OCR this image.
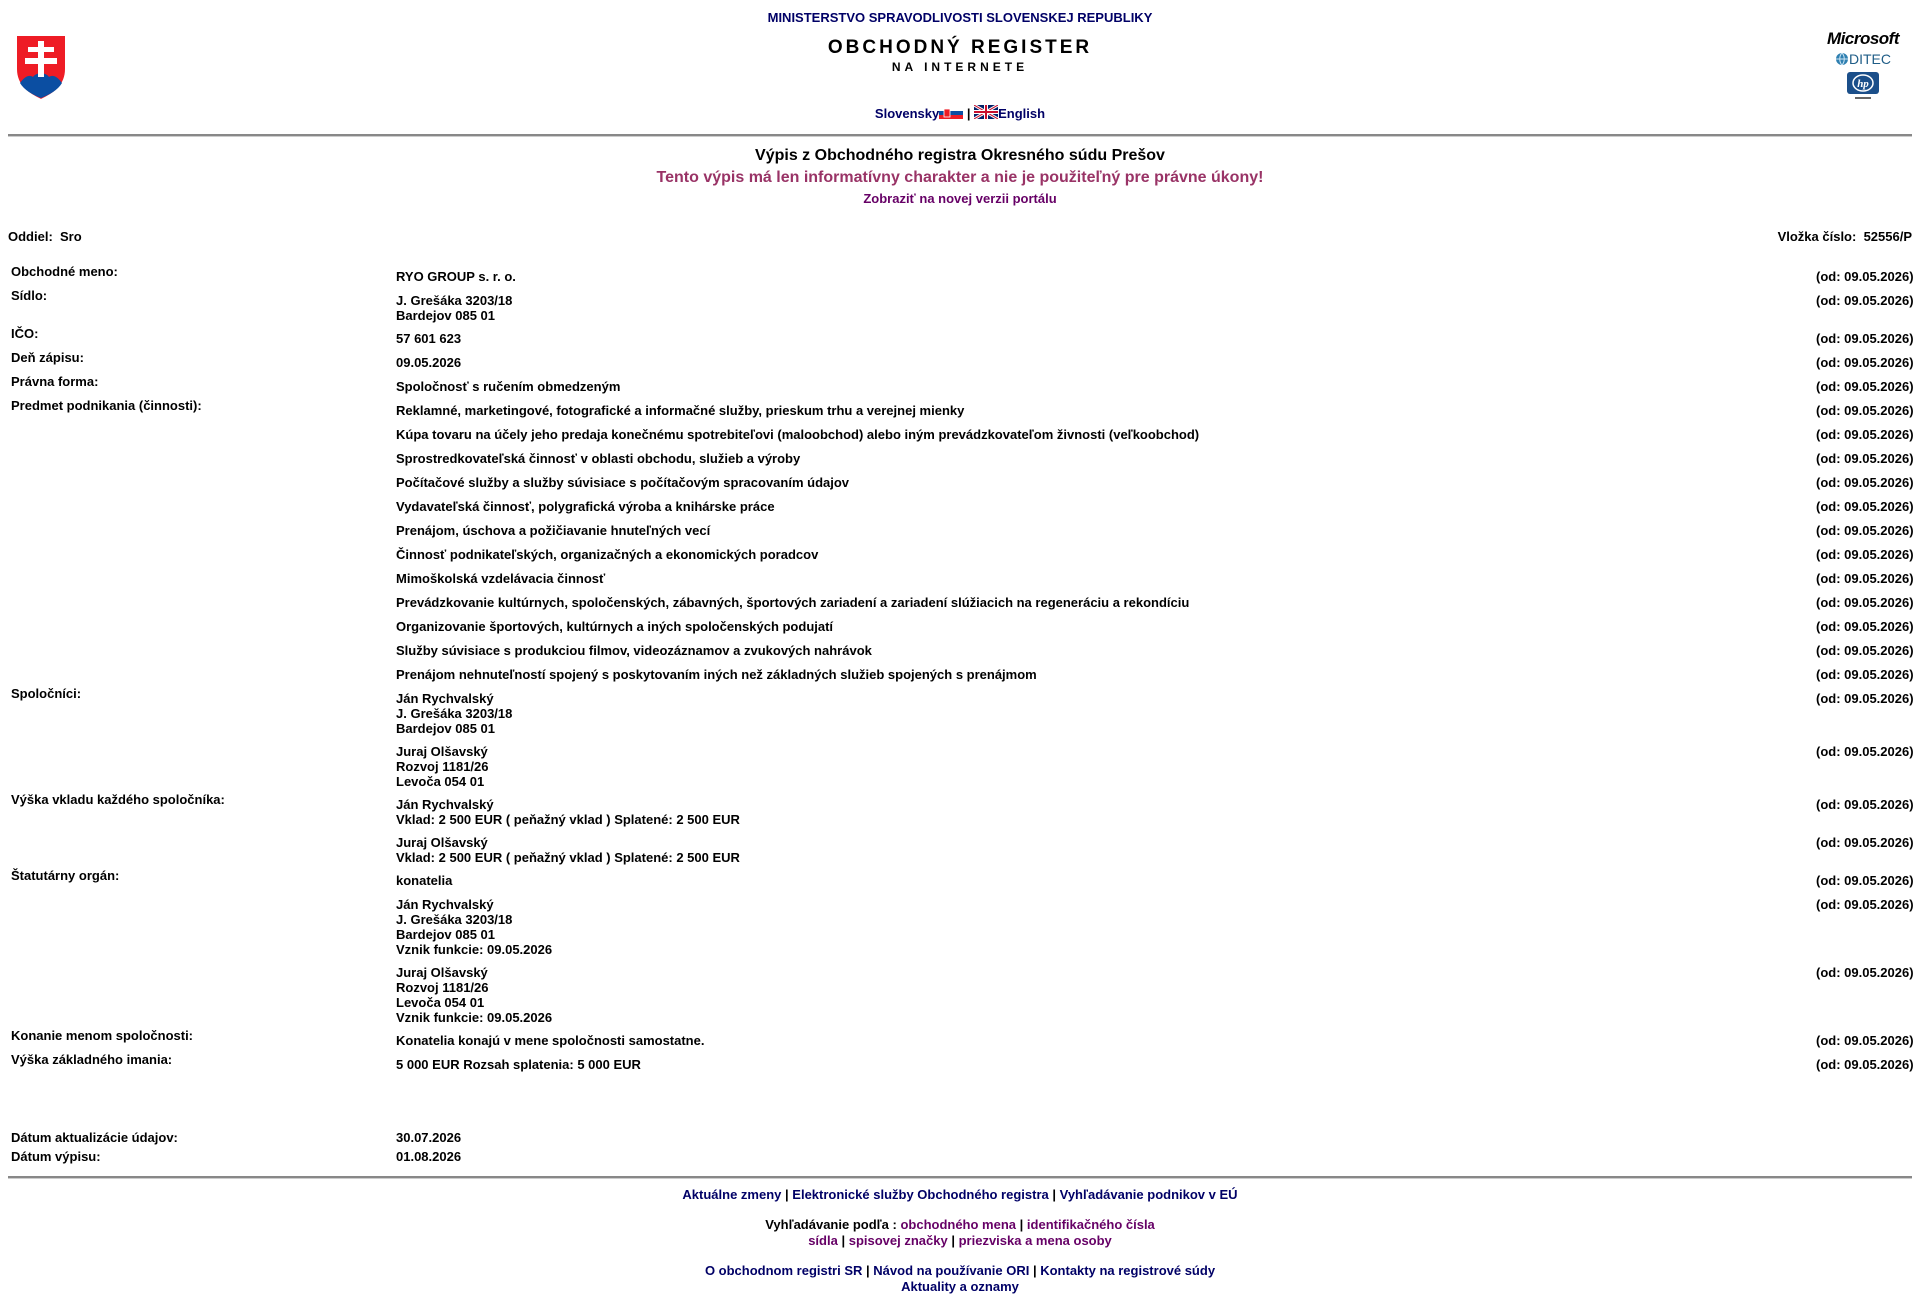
MINISTERSTVO SPRAVODLIVOSTI SLOVENSKEJ REPUBLIKY
OBCHODNÝ REGISTER
NA INTERNETE
Slovensky | English
Microsoft
DITEC
hp
Výpis z Obchodného registra Okresného súdu Prešov
Tento výpis má len informatívny charakter a nie je použiteľný pre právne úkony!
Zobraziť na novej verzii portálu
Oddiel: Sro	Vložka číslo: 52556/P
Obchodné meno:	RYO GROUP s. r. o.	(od: 09.05.2026)
Sídlo:	J. Grešáka 3203/18
Bardejov 085 01
(od: 09.05.2026)
IČO:	57 601 623	(od: 09.05.2026)
Deň zápisu:	09.05.2026	(od: 09.05.2026)
Právna forma:	Spoločnosť s ručením obmedzeným	(od: 09.05.2026)
Predmet podnikania (činnosti):	Reklamné, marketingové, fotografické a informačné služby, prieskum trhu a verejnej mienky	(od: 09.05.2026)
Kúpa tovaru na účely jeho predaja konečnému spotrebiteľovi (maloobchod) alebo iným prevádzkovateľom živnosti (veľkoobchod)	(od: 09.05.2026)
Sprostredkovateľská činnosť v oblasti obchodu, služieb a výroby	(od: 09.05.2026)
Počítačové služby a služby súvisiace s počítačovým spracovaním údajov	(od: 09.05.2026)
Vydavateľská činnosť, polygrafická výroba a knihárske práce	(od: 09.05.2026)
Prenájom, úschova a požičiavanie hnuteľných vecí	(od: 09.05.2026)
Činnosť podnikateľských, organizačných a ekonomických poradcov	(od: 09.05.2026)
Mimoškolská vzdelávacia činnosť	(od: 09.05.2026)
Prevádzkovanie kultúrnych, spoločenských, zábavných, športových zariadení a zariadení slúžiacich na regeneráciu a rekondíciu	(od: 09.05.2026)
Organizovanie športových, kultúrnych a iných spoločenských podujatí	(od: 09.05.2026)
Služby súvisiace s produkciou filmov, videozáznamov a zvukových nahrávok	(od: 09.05.2026)
Prenájom nehnuteľností spojený s poskytovaním iných než základných služieb spojených s prenájmom	(od: 09.05.2026)
Spoločníci:	Ján Rychvalský
J. Grešáka 3203/18
Bardejov 085 01
(od: 09.05.2026)
Juraj Olšavský
Rozvoj 1181/26
Levoča 054 01
(od: 09.05.2026)
Výška vkladu každého spoločníka:	Ján Rychvalský
Vklad: 2 500 EUR ( peňažný vklad ) Splatené: 2 500 EUR
(od: 09.05.2026)
Juraj Olšavský
Vklad: 2 500 EUR ( peňažný vklad ) Splatené: 2 500 EUR
(od: 09.05.2026)
Štatutárny orgán:	konatelia	(od: 09.05.2026)
Ján Rychvalský
J. Grešáka 3203/18
Bardejov 085 01
Vznik funkcie: 09.05.2026
(od: 09.05.2026)
Juraj Olšavský
Rozvoj 1181/26
Levoča 054 01
Vznik funkcie: 09.05.2026
(od: 09.05.2026)
Konanie menom spoločnosti:	Konatelia konajú v mene spoločnosti samostatne.	(od: 09.05.2026)
Výška základného imania:	5 000 EUR Rozsah splatenia: 5 000 EUR	(od: 09.05.2026)
Dátum aktualizácie údajov:	30.07.2026
Dátum výpisu:	01.08.2026
Aktuálne zmeny | Elektronické služby Obchodného registra | Vyhľadávanie podnikov v EÚ
Vyhľadávanie podľa : obchodného mena | identifikačného čísla
sídla | spisovej značky | priezviska a mena osoby
O obchodnom registri SR | Návod na používanie ORI | Kontakty na registrové súdy
Aktuality a oznamy
